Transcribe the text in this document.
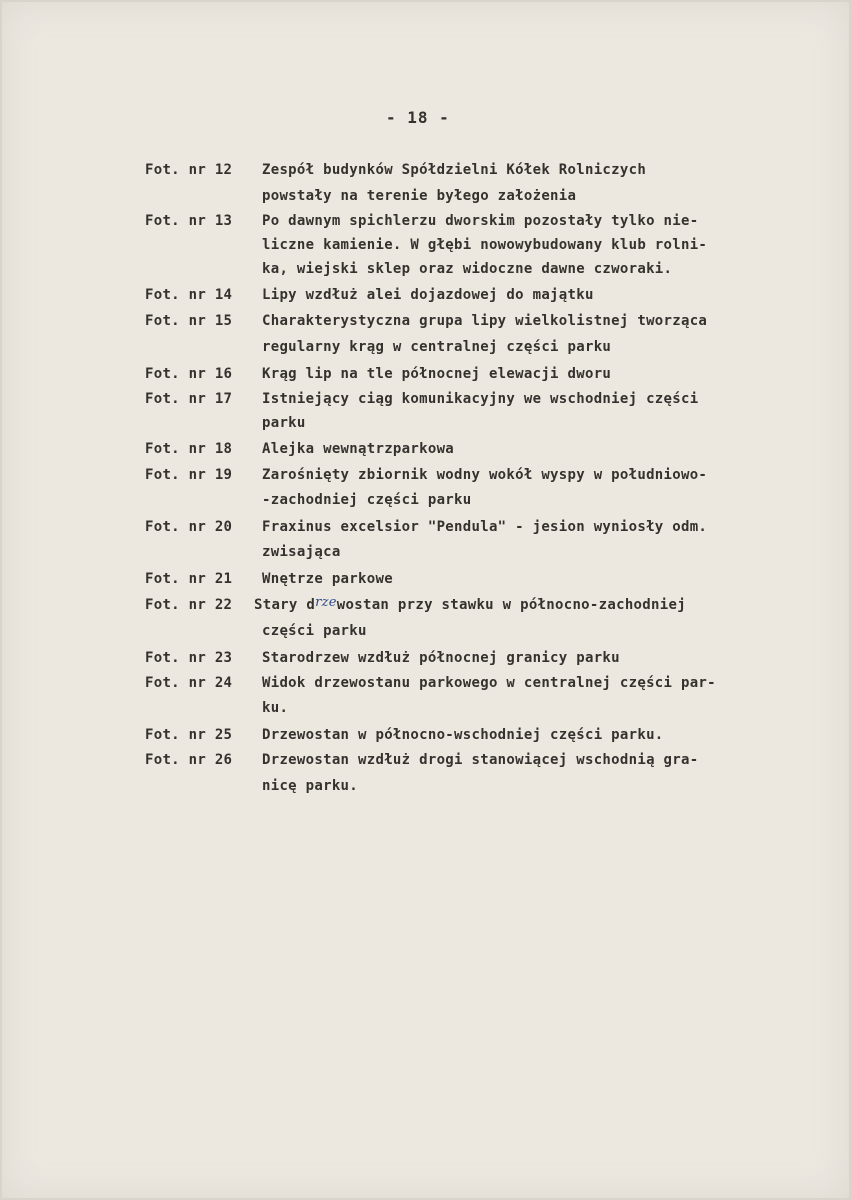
- 18 -
Fot. nr 12 Zespół budynków Spółdzielni Kółek Rolniczych
powstały na terenie byłego założenia
Fot. nr 13 Po dawnym spichlerzu dworskim pozostały tylko nie-
liczne kamienie. W głębi nowowybudowany klub rolni-
ka, wiejski sklep oraz widoczne dawne czworaki.
Fot. nr 14 Lipy wzdłuż alei dojazdowej do majątku
Fot. nr 15 Charakterystyczna grupa lipy wielkolistnej tworząca
regularny krąg w centralnej części parku
Fot. nr 16 Krąg lip na tle północnej elewacji dworu
Fot. nr 17 Istniejący ciąg komunikacyjny we wschodniej części
parku
Fot. nr 18 Alejka wewnątrzparkowa
Fot. nr 19 Zarośnięty zbiornik wodny wokół wyspy w południowo-
-zachodniej części parku
Fot. nr 20 Fraxinus excelsior "Pendula" - jesion wyniosły odm.
zwisająca
Fot. nr 21 Wnętrze parkowe
Fot. nr 22 Stary drzewostan przy stawku w północno-zachodniej
części parku
Fot. nr 23 Starodrzew wzdłuż północnej granicy parku
Fot. nr 24 Widok drzewostanu parkowego w centralnej części par-
ku.
Fot. nr 25 Drzewostan w północno-wschodniej części parku.
Fot. nr 26 Drzewostan wzdłuż drogi stanowiącej wschodnią gra-
nicę parku.
